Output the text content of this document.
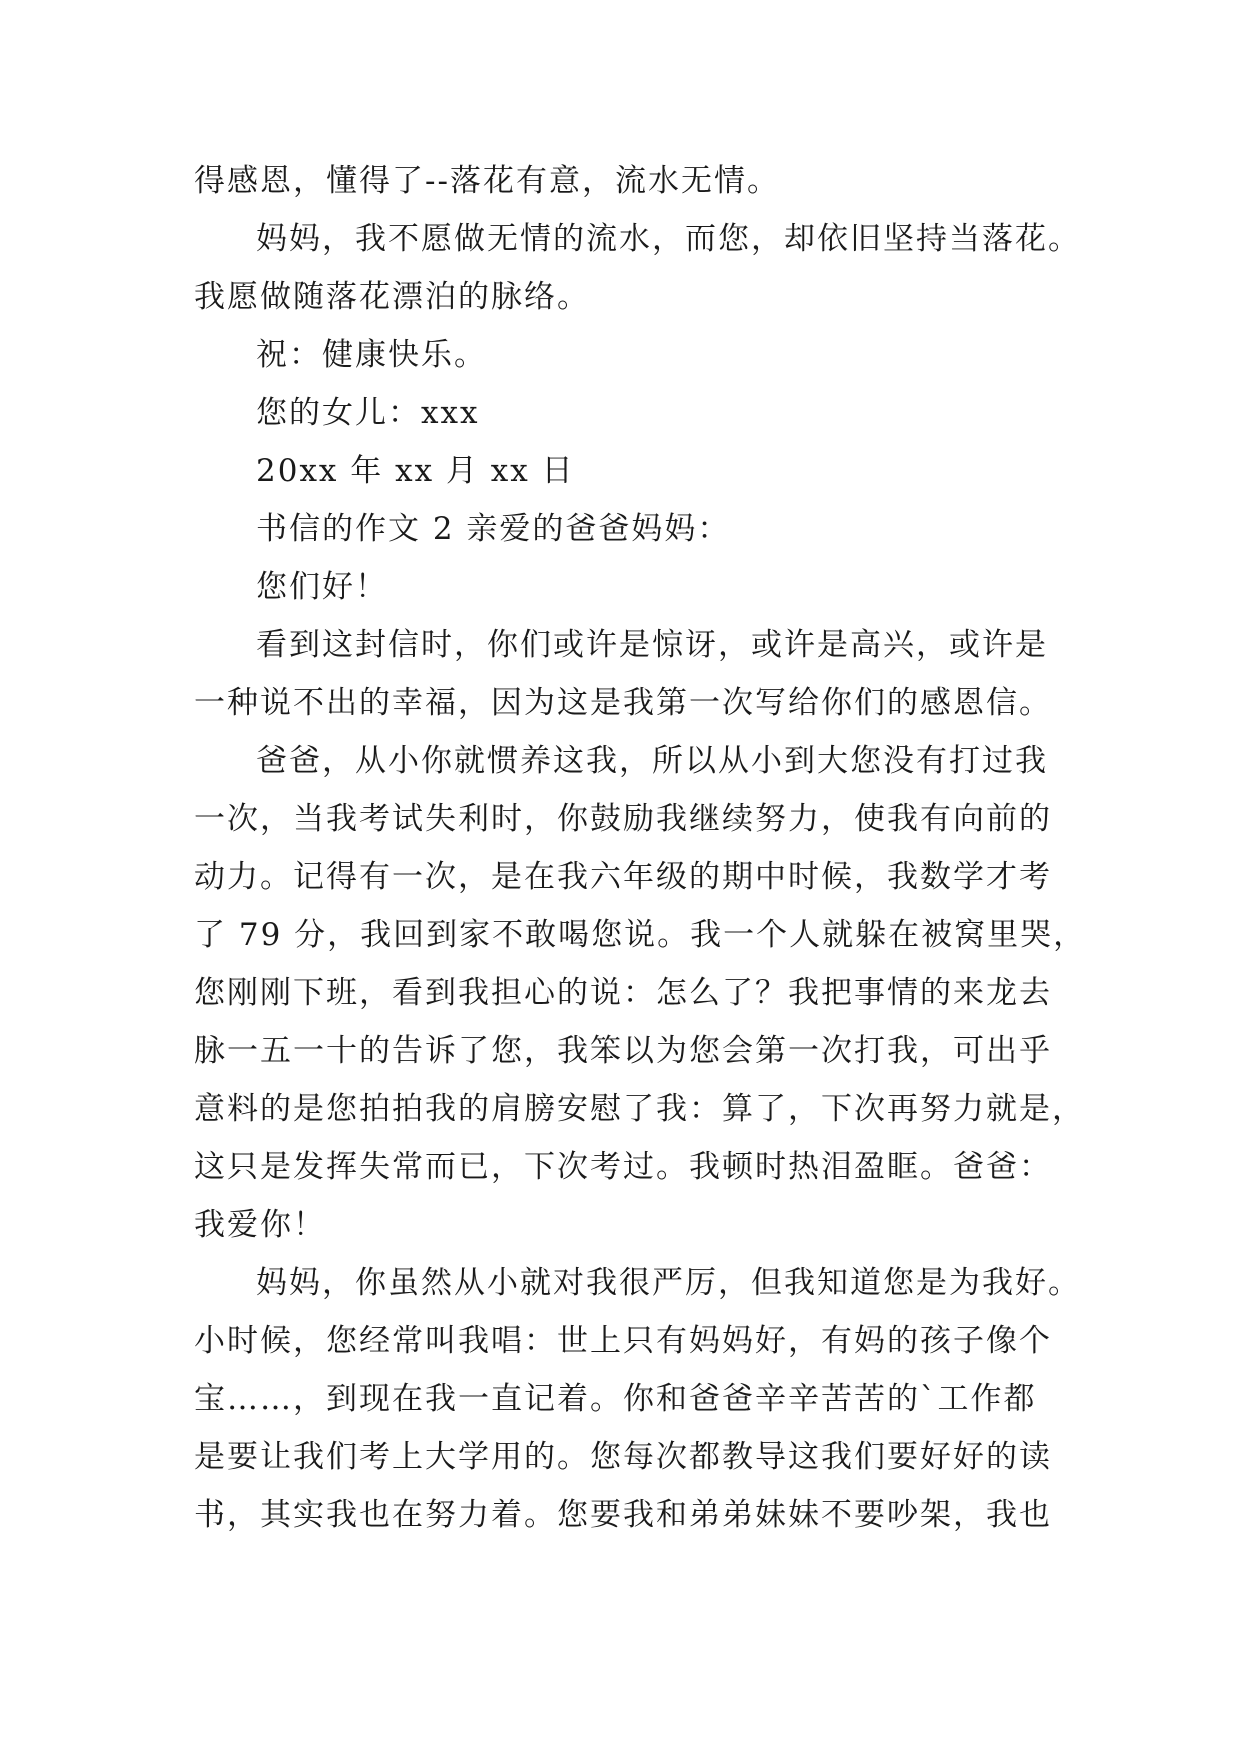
得感恩，懂得了--落花有意，流水无情。
妈妈，我不愿做无情的流水，而您，却依旧坚持当落花。
我愿做随落花漂泊的脉络。
祝：健康快乐。
您的女儿：xxx
20xx 年 xx 月 xx 日
书信的作文 2 亲爱的爸爸妈妈：
您们好！
看到这封信时，你们或许是惊讶，或许是高兴，或许是
一种说不出的幸福，因为这是我第一次写给你们的感恩信。
爸爸，从小你就惯养这我，所以从小到大您没有打过我
一次，当我考试失利时，你鼓励我继续努力，使我有向前的
动力。记得有一次，是在我六年级的期中时候，我数学才考
了 79 分，我回到家不敢喝您说。我一个人就躲在被窝里哭，
您刚刚下班，看到我担心的说：怎么了？我把事情的来龙去
脉一五一十的告诉了您，我笨以为您会第一次打我，可出乎
意料的是您拍拍我的肩膀安慰了我：算了，下次再努力就是，
这只是发挥失常而已，下次考过。我顿时热泪盈眶。爸爸：
我爱你！
妈妈，你虽然从小就对我很严厉，但我知道您是为我好。
小时候，您经常叫我唱：世上只有妈妈好，有妈的孩子像个
宝……，到现在我一直记着。你和爸爸辛辛苦苦的`工作都
是要让我们考上大学用的。您每次都教导这我们要好好的读
书，其实我也在努力着。您要我和弟弟妹妹不要吵架，我也
